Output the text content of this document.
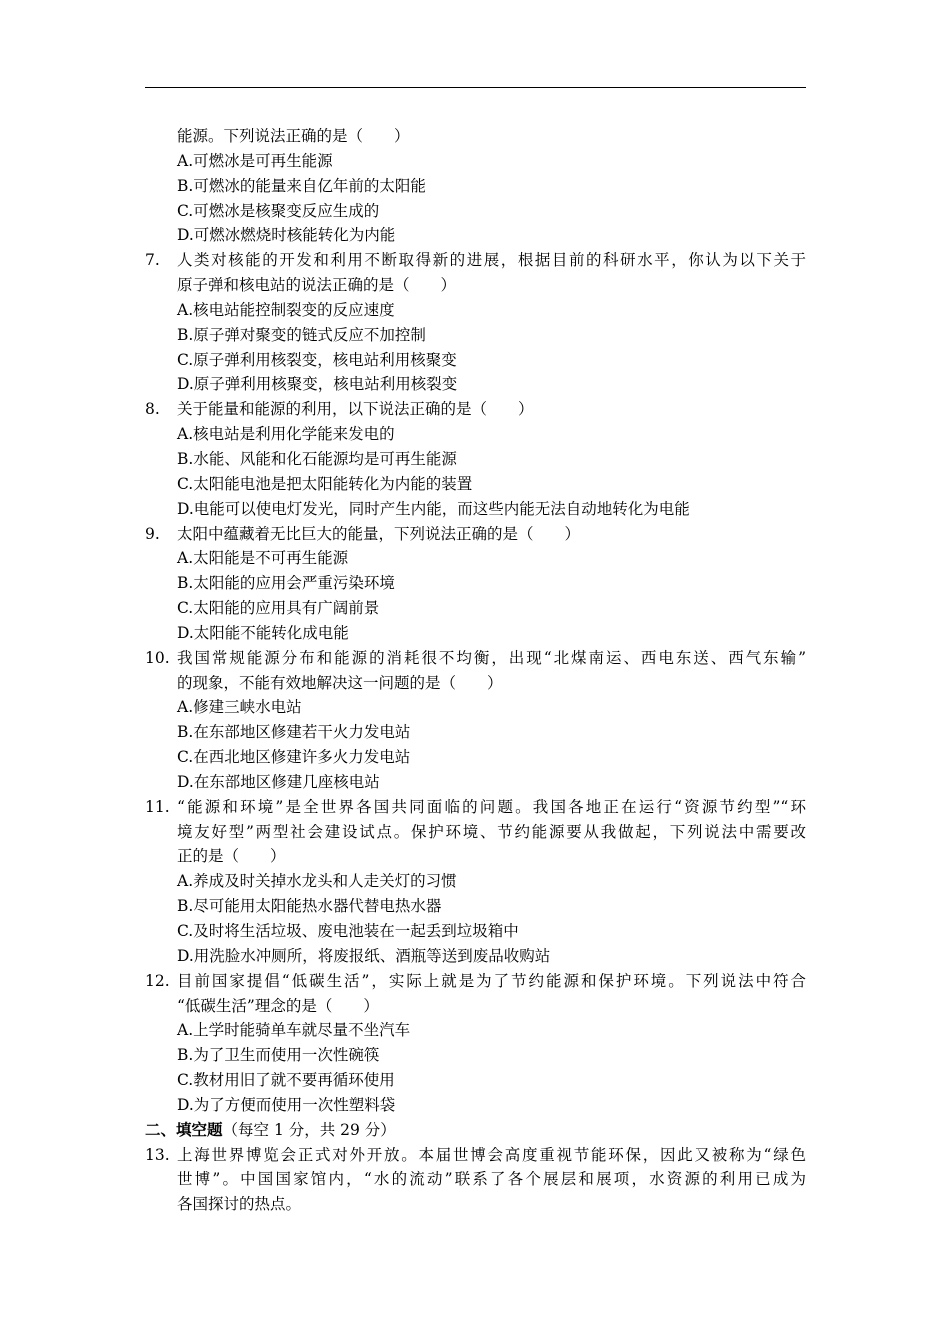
能源。下列说法正确的是（　　）
A.可燃冰是可再生能源
B.可燃冰的能量来自亿年前的太阳能
C.可燃冰是核聚变反应生成的
D.可燃冰燃烧时核能转化为内能
7.	人类对核能的开发和利用不断取得新的进展，根据目前的科研水平，你认为以下关于
原子弹和核电站的说法正确的是（　　）
A.核电站能控制裂变的反应速度
B.原子弹对聚变的链式反应不加控制
C.原子弹利用核裂变，核电站利用核聚变
D.原子弹利用核聚变，核电站利用核裂变
8.	关于能量和能源的利用，以下说法正确的是（　　）
A.核电站是利用化学能来发电的
B.水能、风能和化石能源均是可再生能源
C.太阳能电池是把太阳能转化为内能的装置
D.电能可以使电灯发光，同时产生内能，而这些内能无法自动地转化为电能
9.	太阳中蕴藏着无比巨大的能量，下列说法正确的是（　　）
A.太阳能是不可再生能源
B.太阳能的应用会严重污染环境
C.太阳能的应用具有广阔前景
D.太阳能不能转化成电能
10. 我国常规能源分布和能源的消耗很不均衡，出现“北煤南运、西电东送、西气东输”
的现象，不能有效地解决这一问题的是（　　）
A.修建三峡水电站
B.在东部地区修建若干火力发电站
C.在西北地区修建许多火力发电站
D.在东部地区修建几座核电站
11. “能源和环境”是全世界各国共同面临的问题。我国各地正在运行“资源节约型”“环
境友好型”两型社会建设试点。保护环境、节约能源要从我做起，下列说法中需要改
正的是（　　）
A.养成及时关掉水龙头和人走关灯的习惯
B.尽可能用太阳能热水器代替电热水器
C.及时将生活垃圾、废电池装在一起丢到垃圾箱中
D.用洗脸水冲厕所，将废报纸、酒瓶等送到废品收购站
12. 目前国家提倡“低碳生活”，实际上就是为了节约能源和保护环境。下列说法中符合
“低碳生活”理念的是（　　）
A.上学时能骑单车就尽量不坐汽车
B.为了卫生而使用一次性碗筷
C.教材用旧了就不要再循环使用
D.为了方便而使用一次性塑料袋
二、填空题（每空 1 分，共 29 分）
13. 上海世界博览会正式对外开放。本届世博会高度重视节能环保，因此又被称为“绿色
世博”。中国国家馆内，“水的流动”联系了各个展层和展项，水资源的利用已成为
各国探讨的热点。
